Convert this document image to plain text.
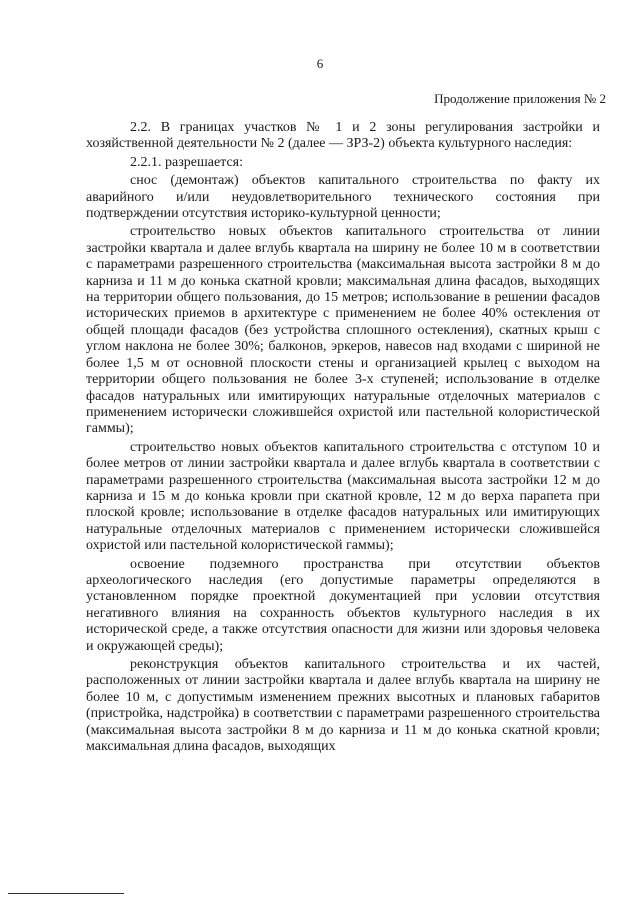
6
Продолжение приложения № 2

2.2. В границах участков № 1 и 2 зоны регулирования застройки и хозяйственной деятельности № 2 (далее — ЗРЗ-2) объекта культурного наследия:

2.2.1. разрешается:

снос (демонтаж) объектов капитального строительства по факту их аварийного и/или неудовлетворительного технического состояния при подтверждении отсутствия историко-культурной ценности;

строительство новых объектов капитального строительства от линии застройки квартала и далее вглубь квартала на ширину не более 10 м в соответствии с параметрами разрешенного строительства (максимальная высота застройки 8 м до карниза и 11 м до конька скатной кровли; максимальная длина фасадов, выходящих на территории общего пользования, до 15 метров; использование в решении фасадов исторических приемов в архитектуре с применением не более 40% остекления от общей площади фасадов (без устройства сплошного остекления), скатных крыш с углом наклона не более 30%; балконов, эркеров, навесов над входами с шириной не более 1,5 м от основной плоскости стены и организацией крылец с выходом на территории общего пользования не более 3-х ступеней; использование в отделке фасадов натуральных или имитирующих натуральные отделочных материалов с применением исторически сложившейся охристой или пастельной колористической гаммы);

строительство новых объектов капитального строительства с отступом 10 и более метров от линии застройки квартала и далее вглубь квартала в соответствии с параметрами разрешенного строительства (максимальная высота застройки 12 м до карниза и 15 м до конька кровли при скатной кровле, 12 м до верха парапета при плоской кровле; использование в отделке фасадов натуральных или имитирующих натуральные отделочных материалов с применением исторически сложившейся охристой или пастельной колористической гаммы);

освоение подземного пространства при отсутствии объектов археологического наследия (его допустимые параметры определяются в установленном порядке проектной документацией при условии отсутствия негативного влияния на сохранность объектов культурного наследия в их исторической среде, а также отсутствия опасности для жизни или здоровья человека и окружающей среды);

реконструкция объектов капитального строительства и их частей, расположенных от линии застройки квартала и далее вглубь квартала на ширину не более 10 м, с допустимым изменением прежних высотных и плановых габаритов (пристройка, надстройка) в соответствии с параметрами разрешенного строительства (максимальная высота застройки 8 м до карниза и 11 м до конька скатной кровли; максимальная длина фасадов, выходящих
